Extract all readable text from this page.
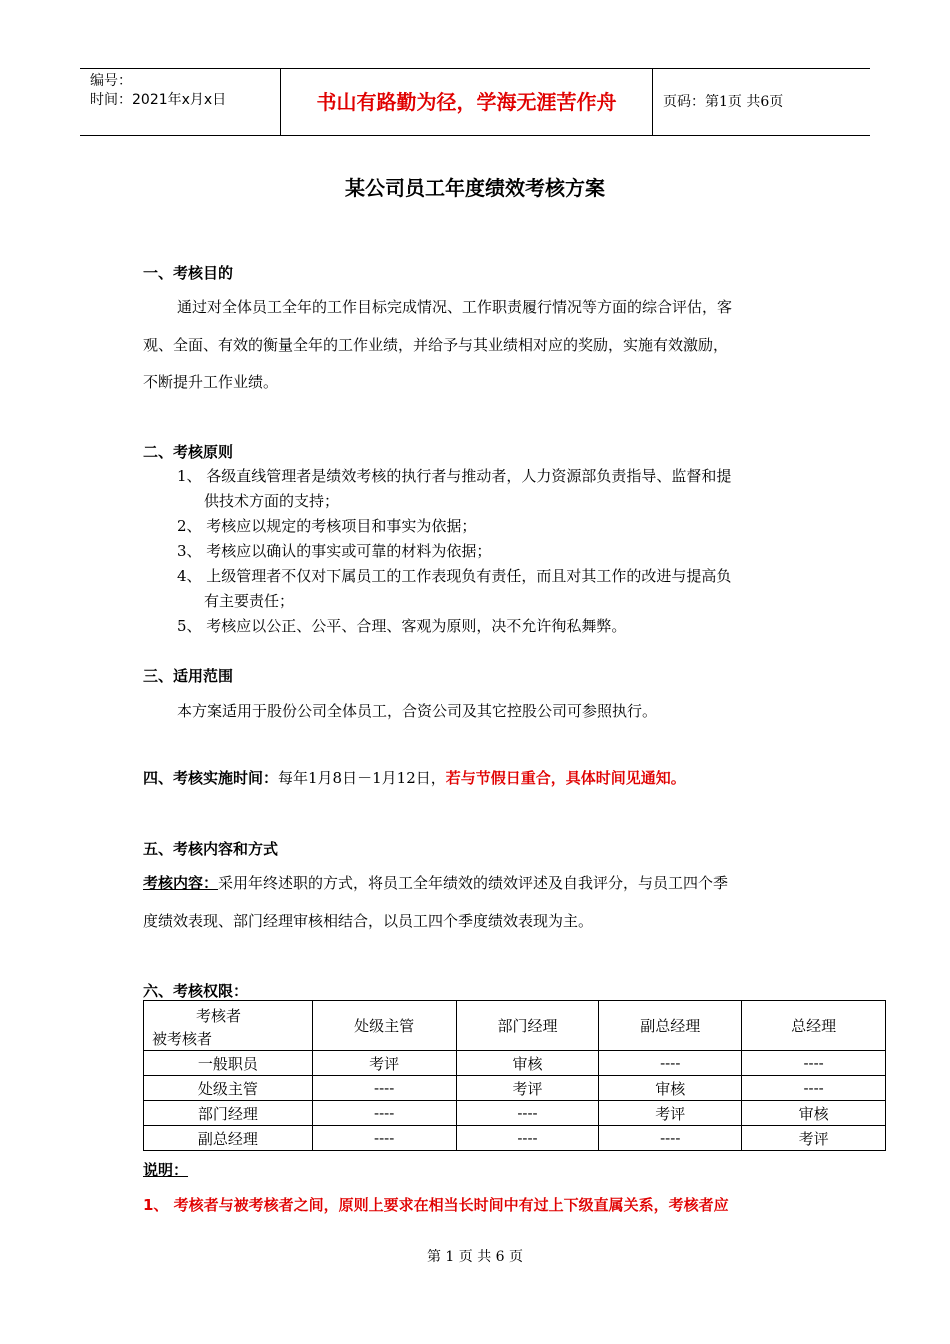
编号：
时间：2021年x月x日	书山有路勤为径，学海无涯苦作舟	页码：第1页 共6页
某公司员工年度绩效考核方案
一、考核目的
通过对全体员工全年的工作目标完成情况、工作职责履行情况等方面的综合评估，客
观、全面、有效的衡量全年的工作业绩，并给予与其业绩相对应的奖励，实施有效激励，
不断提升工作业绩。
二、考核原则
1、 各级直线管理者是绩效考核的执行者与推动者，人力资源部负责指导、监督和提
供技术方面的支持；
2、 考核应以规定的考核项目和事实为依据；
3、 考核应以确认的事实或可靠的材料为依据；
4、 上级管理者不仅对下属员工的工作表现负有责任，而且对其工作的改进与提高负
有主要责任；
5、 考核应以公正、公平、合理、客观为原则，决不允许徇私舞弊。
三、适用范围
本方案适用于股份公司全体员工，合资公司及其它控股公司可参照执行。
四、考核实施时间：每年1月8日－1月12日，若与节假日重合，具体时间见通知。
五、考核内容和方式
考核内容：采用年终述职的方式，将员工全年绩效的绩效评述及自我评分，与员工四个季
度绩效表现、部门经理审核相结合，以员工四个季度绩效表现为主。
六、考核权限：
考核者
被考核者	处级主管	部门经理	副总经理	总经理
一般职员	考评	审核	----	----
处级主管	----	考评	审核	----
部门经理	----	----	考评	审核
副总经理	----	----	----	考评
说明：
1、 考核者与被考核者之间，原则上要求在相当长时间中有过上下级直属关系，考核者应
第 1 页 共 6 页
